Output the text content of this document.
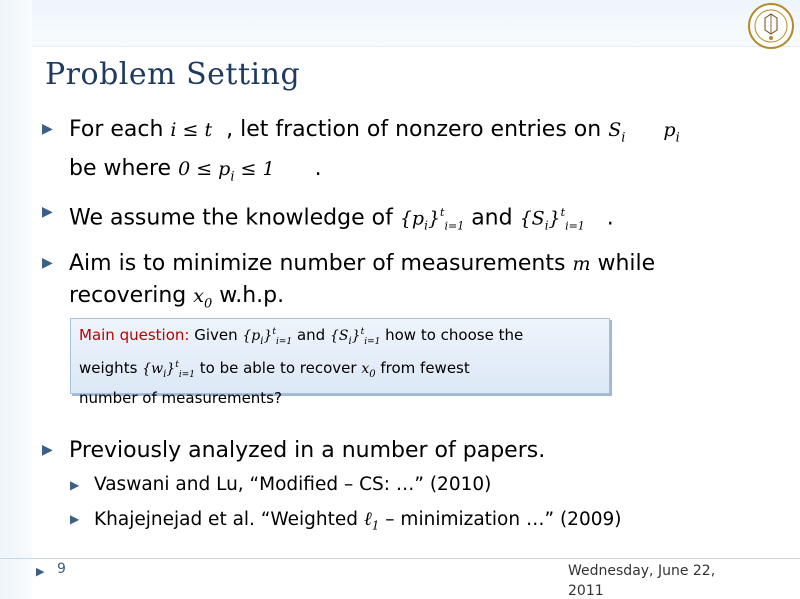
Problem Setting
▶ For each i ≤ t , let fraction of nonzero entries on $S_i$ $p_i$
be where $0 \le p_i \le 1$ .
▶ We assume the knowledge of $\{p_i\}^t_{i=1}$ and $\{S_i\}^t_{i=1}$ .
▶ Aim is to minimize number of measurements m while
recovering $x_0$ w.h.p.
▶ Previously analyzed in a number of papers.
▶ Vaswani and Lu, “Modified – CS: …” (2010)
▶ Khajejnejad et al. “Weighted ℓ$_1$ – minimization …” (2009)
Main question: Given $\{p_i\}^t_{i=1}$ and $\{S_i\}^t_{i=1}$ how to choose the
weights $\{w_i\}^t_{i=1}$ to be able to recover $x_0$ from fewest
number of measurements?
▶ 9	Wednesday, June 22,
2011
